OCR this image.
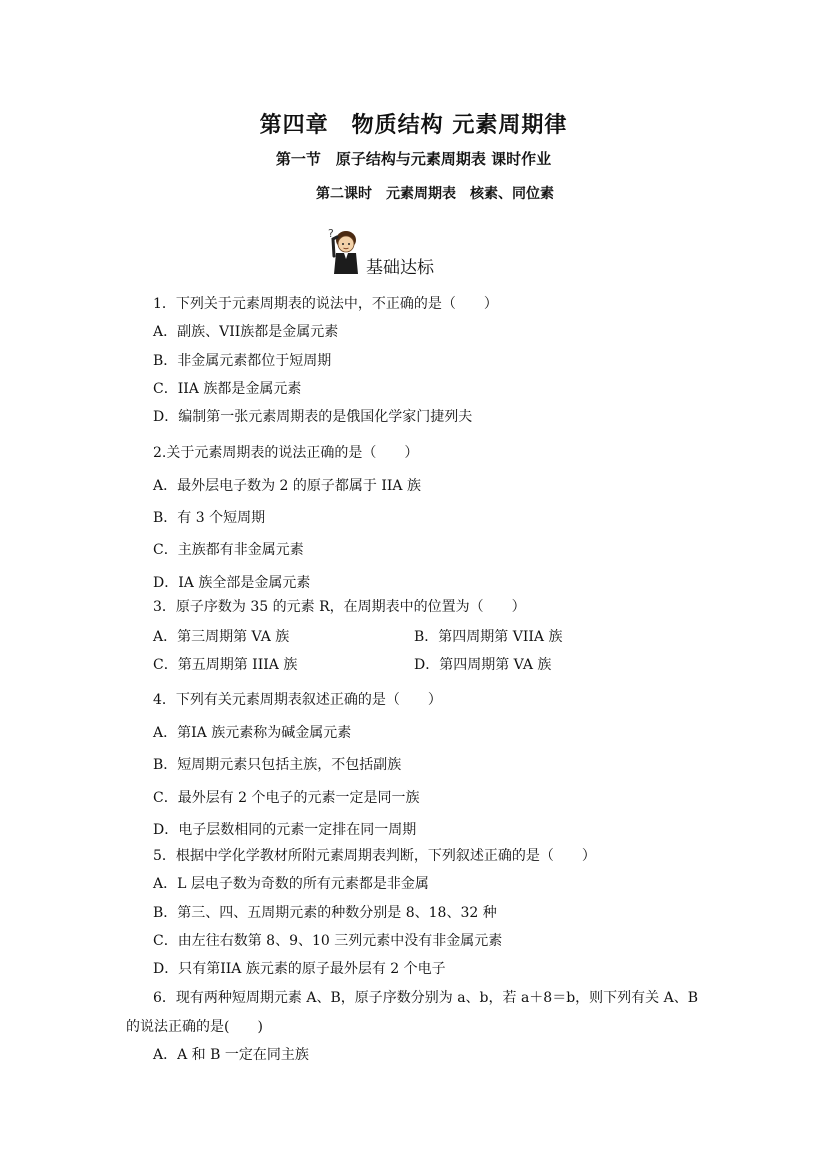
第四章　物质结构 元素周期律
第一节　原子结构与元素周期表 课时作业
第二课时　元素周期表　核素、同位素
?
基础达标
1．下列关于元素周期表的说法中，不正确的是（　　）
A．副族、VII族都是金属元素
B．非金属元素都位于短周期
C．IIA 族都是金属元素
D．编制第一张元素周期表的是俄国化学家门捷列夫
2.关于元素周期表的说法正确的是（　　）
A．最外层电子数为 2 的原子都属于 IIA 族
B．有 3 个短周期
C．主族都有非金属元素
D．IA 族全部是金属元素
3．原子序数为 35 的元素 R，在周期表中的位置为（　　）
A．第三周期第 VA 族	B．第四周期第 VIIA 族
C．第五周期第 IIIA 族	D．第四周期第 VA 族
4．下列有关元素周期表叙述正确的是（　　）
A．第IA 族元素称为碱金属元素
B．短周期元素只包括主族，不包括副族
C．最外层有 2 个电子的元素一定是同一族
D．电子层数相同的元素一定排在同一周期
5．根据中学化学教材所附元素周期表判断，下列叙述正确的是（　　）
A．L 层电子数为奇数的所有元素都是非金属
B．第三、四、五周期元素的种数分别是 8、18、32 种
C．由左往右数第 8、9、10 三列元素中没有非金属元素
D．只有第IIA 族元素的原子最外层有 2 个电子
6．现有两种短周期元素 A、B，原子序数分别为 a、b，若 a＋8＝b，则下列有关 A、B
的说法正确的是(　　)
A．A 和 B 一定在同主族
